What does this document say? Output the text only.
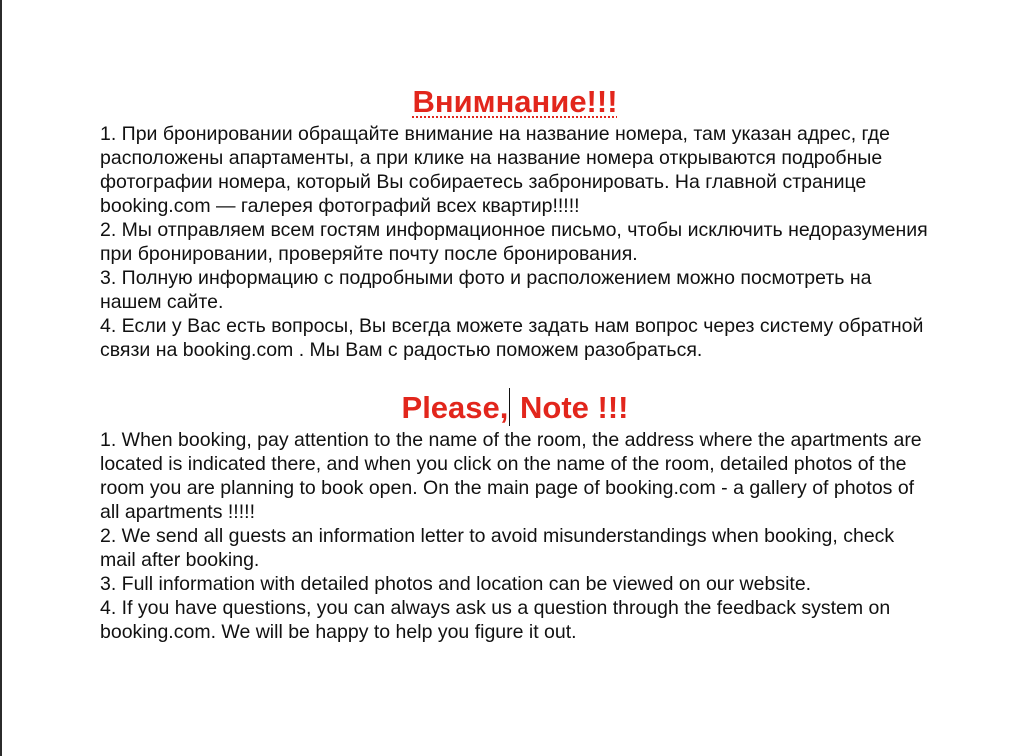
Внимнание!!!
1. При бронировании обращайте внимание на название номера, там указан адрес, где расположены апартаменты, а при клике на название номера открываются подробные фотографии номера, который Вы собираетесь забронировать. На главной странице booking.com — галерея фотографий всех квартир!!!!!
2. Мы отправляем всем гостям информационное письмо, чтобы исключить недоразумения при бронировании, проверяйте почту после бронирования.
3. Полную информацию с подробными фото и расположением можно посмотреть на нашем сайте.
4. Если у Вас есть вопросы, Вы всегда можете задать нам вопрос через систему обратной связи на booking.com . Мы Вам с радостью поможем разобраться.
Please, Note !!!
1. When booking, pay attention to the name of the room, the address where the apartments are located is indicated there, and when you click on the name of the room, detailed photos of the room you are planning to book open. On the main page of booking.com - a gallery of photos of all apartments !!!!!
2. We send all guests an information letter to avoid misunderstandings when booking, check mail after booking.
3. Full information with detailed photos and location can be viewed on our website.
4. If you have questions, you can always ask us a question through the feedback system on booking.com. We will be happy to help you figure it out.
